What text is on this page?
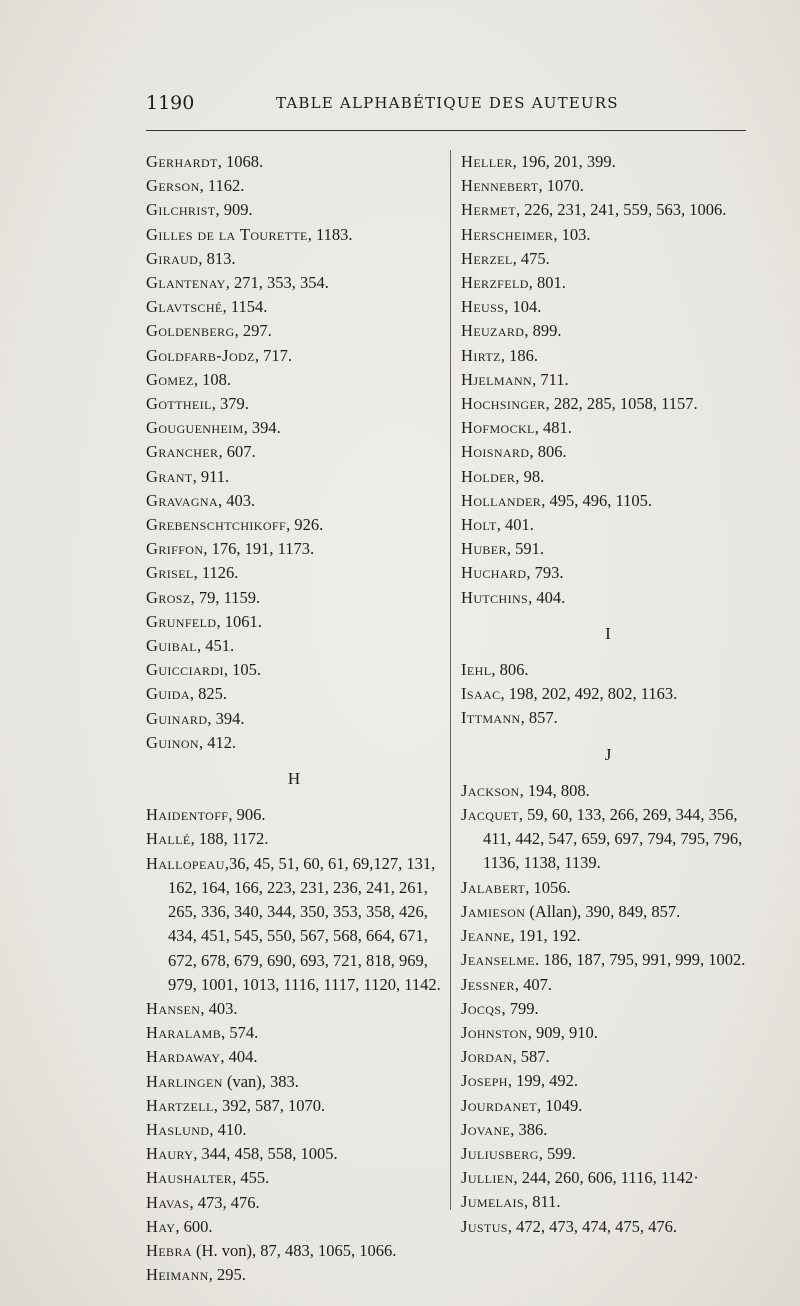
1190	TABLE ALPHABÉTIQUE DES AUTEURS
Gerhardt, 1068.
Gerson, 1162.
Gilchrist, 909.
Gilles de la Tourette, 1183.
Giraud, 813.
Glantenay, 271, 353, 354.
Glavtsché, 1154.
Goldenberg, 297.
Goldfarb-Jodz, 717.
Gomez, 108.
Gottheil, 379.
Gouguenheim, 394.
Grancher, 607.
Grant, 911.
Gravagna, 403.
Grebenschtchikoff, 926.
Griffon, 176, 191, 1173.
Grisel, 1126.
Grosz, 79, 1159.
Grunfeld, 1061.
Guibal, 451.
Guicciardi, 105.
Guida, 825.
Guinard, 394.
Guinon, 412.
H
Haidentoff, 906.
Hallé, 188, 1172.
Hallopeau,36, 45, 51, 60, 61, 69,127, 131, 162, 164, 166, 223, 231, 236, 241, 261, 265, 336, 340, 344, 350, 353, 358, 426, 434, 451, 545, 550, 567, 568, 664, 671, 672, 678, 679, 690, 693, 721, 818, 969, 979, 1001, 1013, 1116, 1117, 1120, 1142.
Hansen, 403.
Haralamb, 574.
Hardaway, 404.
Harlingen (van), 383.
Hartzell, 392, 587, 1070.
Haslund, 410.
Haury, 344, 458, 558, 1005.
Haushalter, 455.
Havas, 473, 476.
Hay, 600.
Hebra (H. von), 87, 483, 1065, 1066.
Heimann, 295.
Heller, 196, 201, 399.
Hennebert, 1070.
Hermet, 226, 231, 241, 559, 563, 1006.
Herscheimer, 103.
Herzel, 475.
Herzfeld, 801.
Heuss, 104.
Heuzard, 899.
Hirtz, 186.
Hjelmann, 711.
Hochsinger, 282, 285, 1058, 1157.
Hofmockl, 481.
Hoisnard, 806.
Holder, 98.
Hollander, 495, 496, 1105.
Holt, 401.
Huber, 591.
Huchard, 793.
Hutchins, 404.
I
Iehl, 806.
Isaac, 198, 202, 492, 802, 1163.
Ittmann, 857.
J
Jackson, 194, 808.
Jacquet, 59, 60, 133, 266, 269, 344, 356, 411, 442, 547, 659, 697, 794, 795, 796, 1136, 1138, 1139.
Jalabert, 1056.
Jamieson (Allan), 390, 849, 857.
Jeanne, 191, 192.
Jeanselme. 186, 187, 795, 991, 999, 1002.
Jessner, 407.
Jocqs, 799.
Johnston, 909, 910.
Jordan, 587.
Joseph, 199, 492.
Jourdanet, 1049.
Jovane, 386.
Juliusberg, 599.
Jullien, 244, 260, 606, 1116, 1142·
Jumelais, 811.
Justus, 472, 473, 474, 475, 476.
